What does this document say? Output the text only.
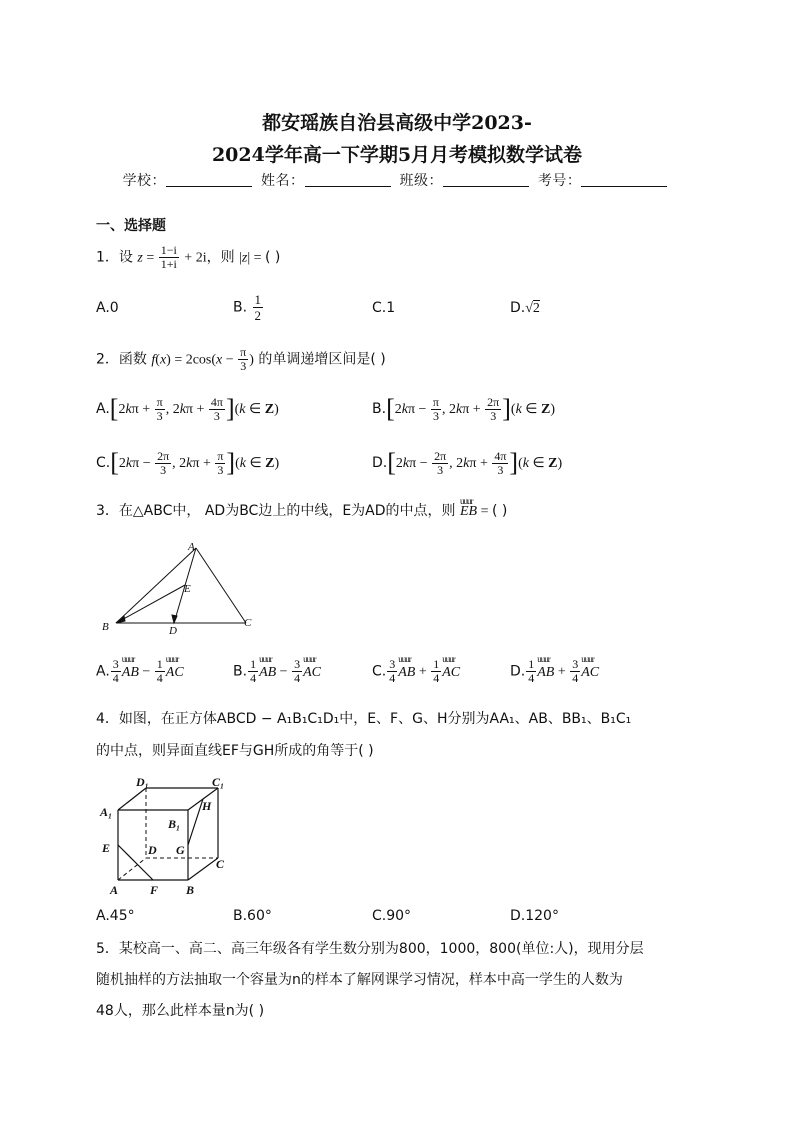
都安瑶族自治县高级中学2023-
2024学年高一下学期5月月考模拟数学试卷
学校：	姓名：	班级：	考号：
一、选择题
1．设 $z = \frac{1-i}{1+i} + 2i$，则 |z| = ( )
A.0	B. $\frac{1}{2}$	C.1	D.√2
2．函数 $f(x) = 2\cos(x - \frac{\pi}{3}$ ) 的单调递增区间是( )
$A.[2k\pi + \frac{\pi}{3}$ , $2k\pi + \frac{4\pi}{3} ](k$ ∈ Z)	$B.[2k\pi - \frac{\pi}{3}$ , $2k\pi + \frac{2\pi}{3} ](k$ ∈ Z)
$C.[2k\pi - \frac{2\pi}{3}$ , $2k\pi + \frac{\pi}{3} ](k$ ∈ Z)	$D.[2k\pi - \frac{2\pi}{3}$ , $2k\pi + \frac{4\pi}{3} ](k$ ∈ Z)
3．在△ABC中， AD为BC边上的中线，E为AD的中点，则 uuur EB = ( )
A
B	C
D
E
A. $\frac{3}{4}$ uuur AB − $\frac{1}{4}$ uuur AC	B. $\frac{1}{4}$ uuur AB − $\frac{3}{4}$ uuur AC	C. $\frac{3}{4}$ uuur AB + $\frac{1}{4}$ uuur AC	D. $\frac{1}{4}$ uuur AB + $\frac{3}{4}$ uuur AC
4．如图，在正方体ABCD − A₁B₁C₁D₁中，E、F、G、H分别为AA₁、AB、BB₁、B₁C₁
的中点，则异面直线EF与GH所成的角等于( )
D₁	C₁
A₁
B₁
H
E	D G
C
A	F B
A.45°	B.60°	C.90°	D.120°
5．某校高一、高二、高三年级各有学生数分别为800，1000，800(单位:人)，现用分层
随机抽样的方法抽取一个容量为n的样本了解网课学习情况，样本中高一学生的人数为
48人，那么此样本量n为( )
